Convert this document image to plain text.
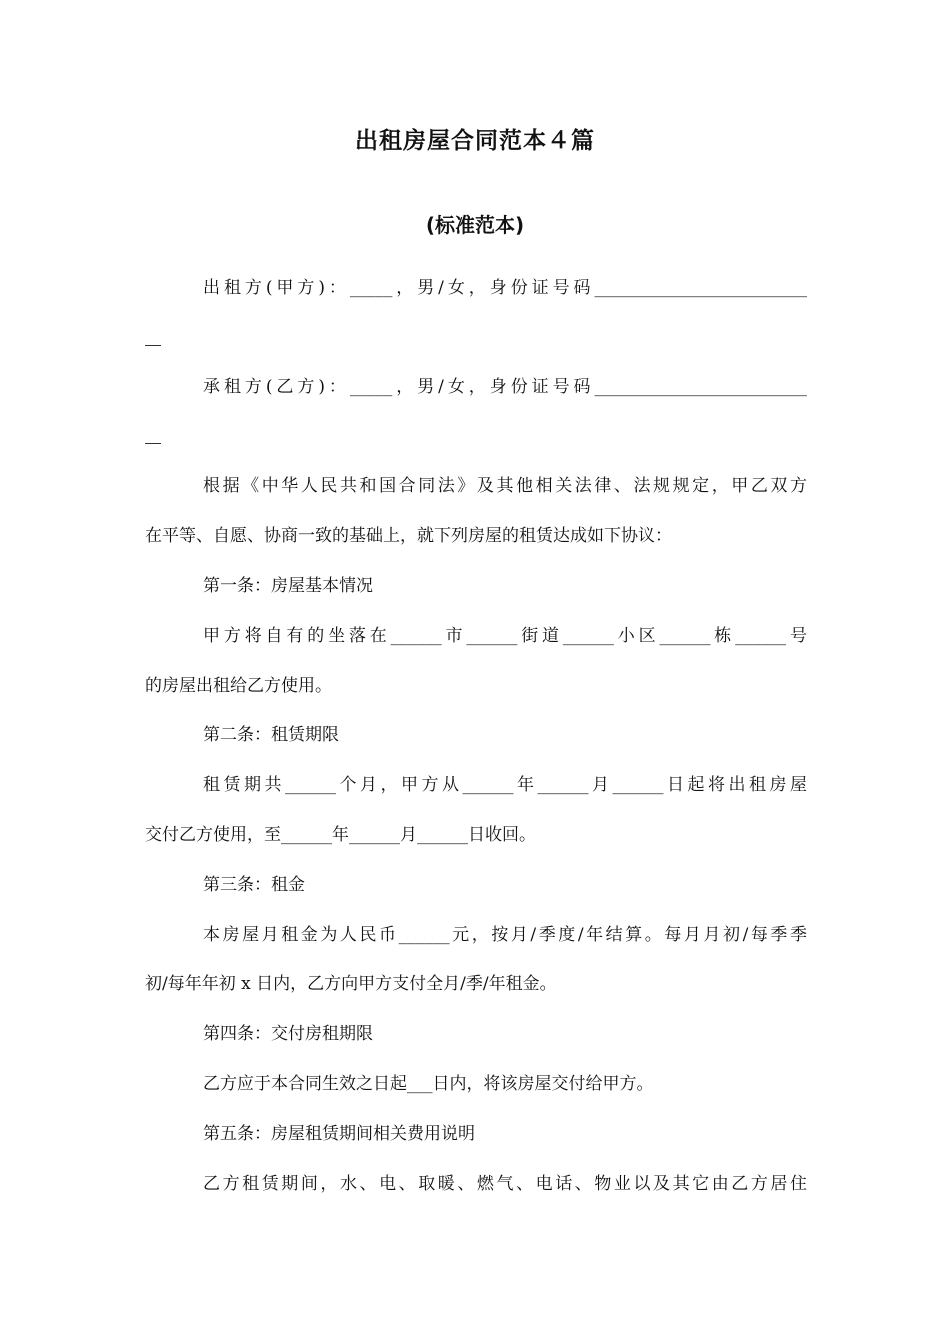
出租房屋合同范本４篇
(标准范本)
出租方(甲方)：_____，男/女，身份证号码_________________________
承租方(乙方)：_____，男/女，身份证号码_________________________
根据《中华人民共和国合同法》及其他相关法律、法规规定，甲乙双方
在平等、自愿、协商一致的基础上，就下列房屋的租赁达成如下协议：
第一条：房屋基本情况
甲方将自有的坐落在______市______街道______小区______栋______号
的房屋出租给乙方使用。
第二条：租赁期限
租赁期共______个月，甲方从______年______月______日起将出租房屋
交付乙方使用，至______年______月______日收回。
第三条：租金
本房屋月租金为人民币______元，按月/季度/年结算。每月月初/每季季
初/每年年初 x 日内，乙方向甲方支付全月/季/年租金。
第四条：交付房租期限
乙方应于本合同生效之日起___日内，将该房屋交付给甲方。
第五条：房屋租赁期间相关费用说明
乙方租赁期间，水、电、取暖、燃气、电话、物业以及其它由乙方居住
